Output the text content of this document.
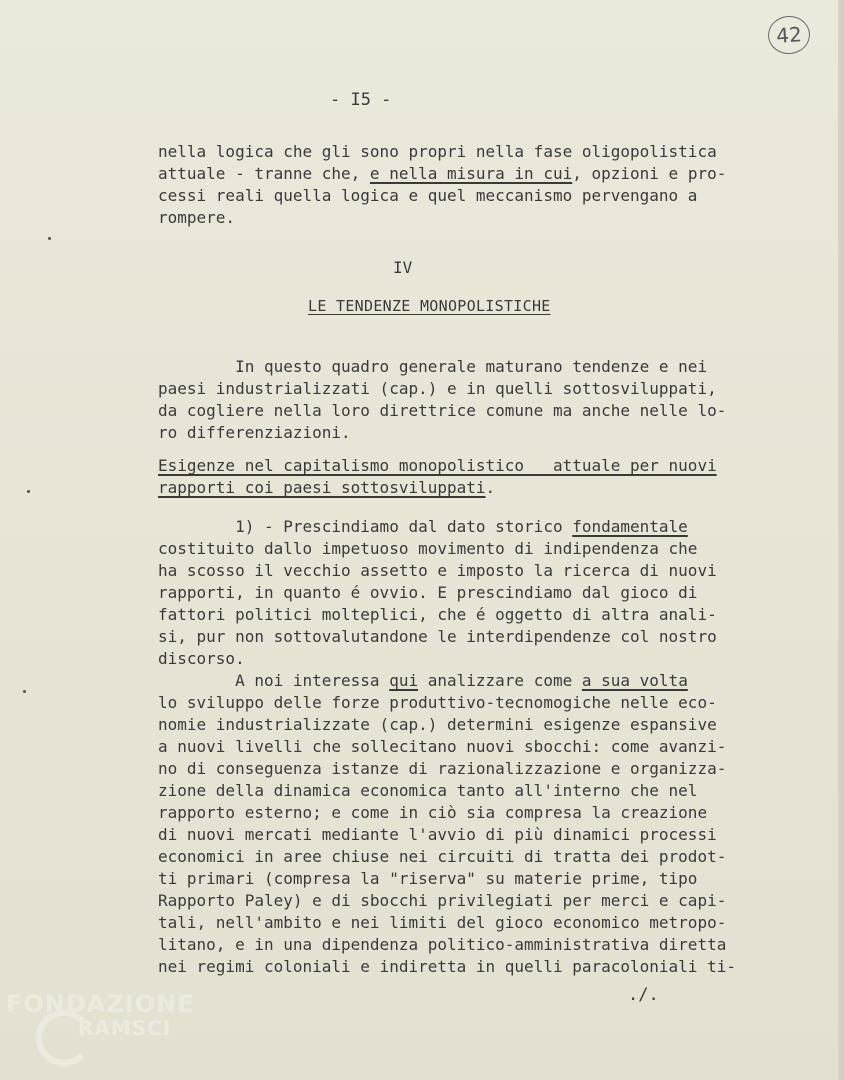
42
- I5 -
nella logica che gli sono propri nella fase oligopolistica
attuale - tranne che, e nella misura in cui, opzioni e pro-
cessi reali quella logica e quel meccanismo pervengano a
rompere.
IV
LE TENDENZE MONOPOLISTICHE
In questo quadro generale maturano tendenze e nei
paesi industrializzati (cap.) e in quelli sottosviluppati,
da cogliere nella loro direttrice comune ma anche nelle lo-
ro differenziazioni.
Esigenze nel capitalismo monopolistico   attuale per nuovi
rapporti coi paesi sottosviluppati.
1) - Prescindiamo dal dato storico fondamentale
costituito dallo impetuoso movimento di indipendenza che
ha scosso il vecchio assetto e imposto la ricerca di nuovi
rapporti, in quanto é ovvio. E prescindiamo dal gioco di
fattori politici molteplici, che é oggetto di altra anali-
si, pur non sottovalutandone le interdipendenze col nostro
discorso.
A noi interessa qui analizzare come a sua volta
lo sviluppo delle forze produttivo-tecnomogiche nelle eco-
nomie industrializzate (cap.) determini esigenze espansive
a nuovi livelli che sollecitano nuovi sbocchi: come avanzi-
no di conseguenza istanze di razionalizzazione e organizza-
zione della dinamica economica tanto all'interno che nel
rapporto esterno; e come in ciò sia compresa la creazione
di nuovi mercati mediante l'avvio di più dinamici processi
economici in aree chiuse nei circuiti di tratta dei prodot-
ti primari (compresa la "riserva" su materie prime, tipo
Rapporto Paley) e di sbocchi privilegiati per merci e capi-
tali, nell'ambito e nei limiti del gioco economico metropo-
litano, e in una dipendenza politico-amministrativa diretta
nei regimi coloniali e indiretta in quelli paracoloniali ti-
./.
FONDAZIONE
RAMSCI
